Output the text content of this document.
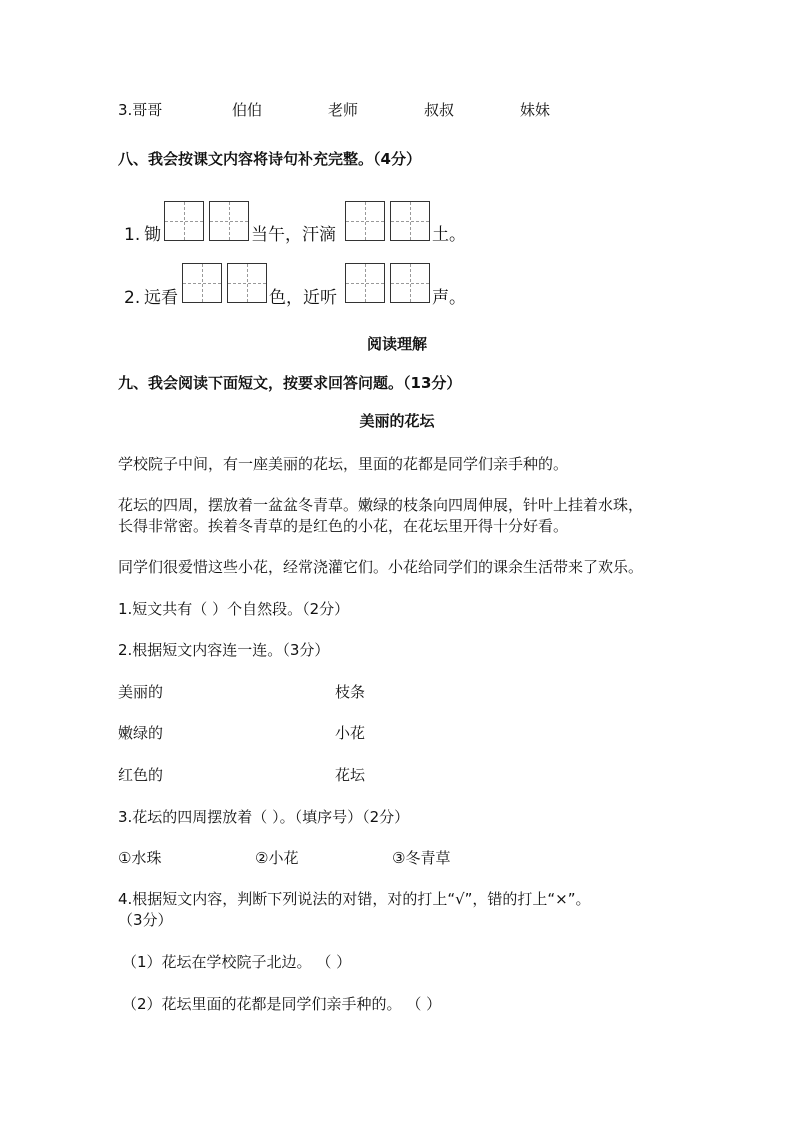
3.哥哥	伯伯	老师	叔叔	妹妹
八、我会按课文内容将诗句补充完整。（4分）
1. 锄	当午，汗滴	土。
2. 远看	色，近听	声。
阅读理解
九、我会阅读下面短文，按要求回答问题。（13分）
美丽的花坛
学校院子中间，有一座美丽的花坛，里面的花都是同学们亲手种的。
花坛的四周，摆放着一盆盆冬青草。嫩绿的枝条向四周伸展，针叶上挂着水珠，
长得非常密。挨着冬青草的是红色的小花，在花坛里开得十分好看。
同学们很爱惜这些小花，经常浇灌它们。小花给同学们的课余生活带来了欢乐。
1.短文共有（ ）个自然段。（2分）
2.根据短文内容连一连。（3分）
美丽的	枝条
嫩绿的	小花
红色的	花坛
3.花坛的四周摆放着（ ）。（填序号）（2分）
①水珠	②小花	③冬青草
4.根据短文内容，判断下列说法的对错，对的打上“√”，错的打上“×”。
（3分）
（1）花坛在学校院子北边。 （ ）
（2）花坛里面的花都是同学们亲手种的。 （ ）
